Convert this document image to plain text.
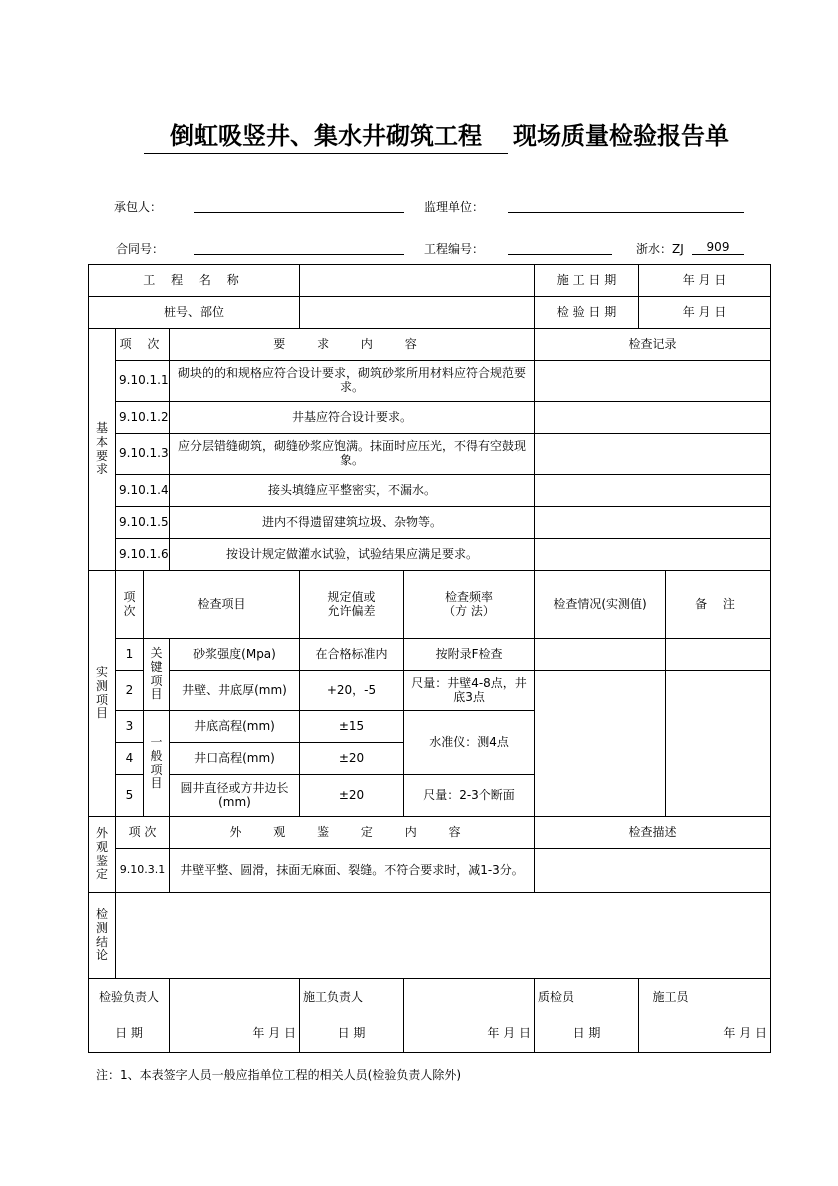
倒虹吸竖井、集水井砌筑工程	现场质量检验报告单
承包人：	监理单位：
合同号：	工程编号：	浙水：ZJ	909
工 程 名 称						施 工 日 期	年 月 日	
桩号、部位						检 验 日 期	年 月 日	

基本要求	项 次		要 求 内 容			检查记录		
	9.10.1.1		砌块的的和规格应符合设计要求，砌筑砂浆所用材料应符合规范要求。					
	9.10.1.2		井基应符合设计要求。					
	9.10.1.3		应分层错缝砌筑，砌缝砂浆应饱满。抹面时应压光，不得有空鼓现象。					
	9.10.1.4		接头填缝应平整密实，不漏水。					
	9.10.1.5		进内不得遗留建筑垃圾、杂物等。					
	9.10.1.6		按设计规定做灌水试验，试验结果应满足要求。					

实测项目	项次	检查项目		规定值或允许偏差	检查频率（方 法）	检查情况(实测值)		备 注
	1	关键项目	砂浆强度(Mpa)	在合格标准内	按附录F检查			
	2		井壁、井底厚(mm)	+20，-5	尺量：井壁4-8点，井底3点			
	3	一般项目	井底高程(mm)	±15	水准仪：测4点			
	4		井口高程(mm)	±20				
	5		圆井直径或方井边长(mm)	±20	尺量：2-3个断面			

外观鉴定	项 次		外 观 鉴 定 内 容			检查描述		
	9.10.3.1		井壁平整、圆滑，抹面无麻面、裂缝。不符合要求时，减1-3分。					

检测结论								

检验负责人				施工负责人		质检员	施工员	
日 期			年 月 日	日 期	年 月 日	日 期	年 月 日	
注：1、本表签字人员一般应指单位工程的相关人员(检验负责人除外)
